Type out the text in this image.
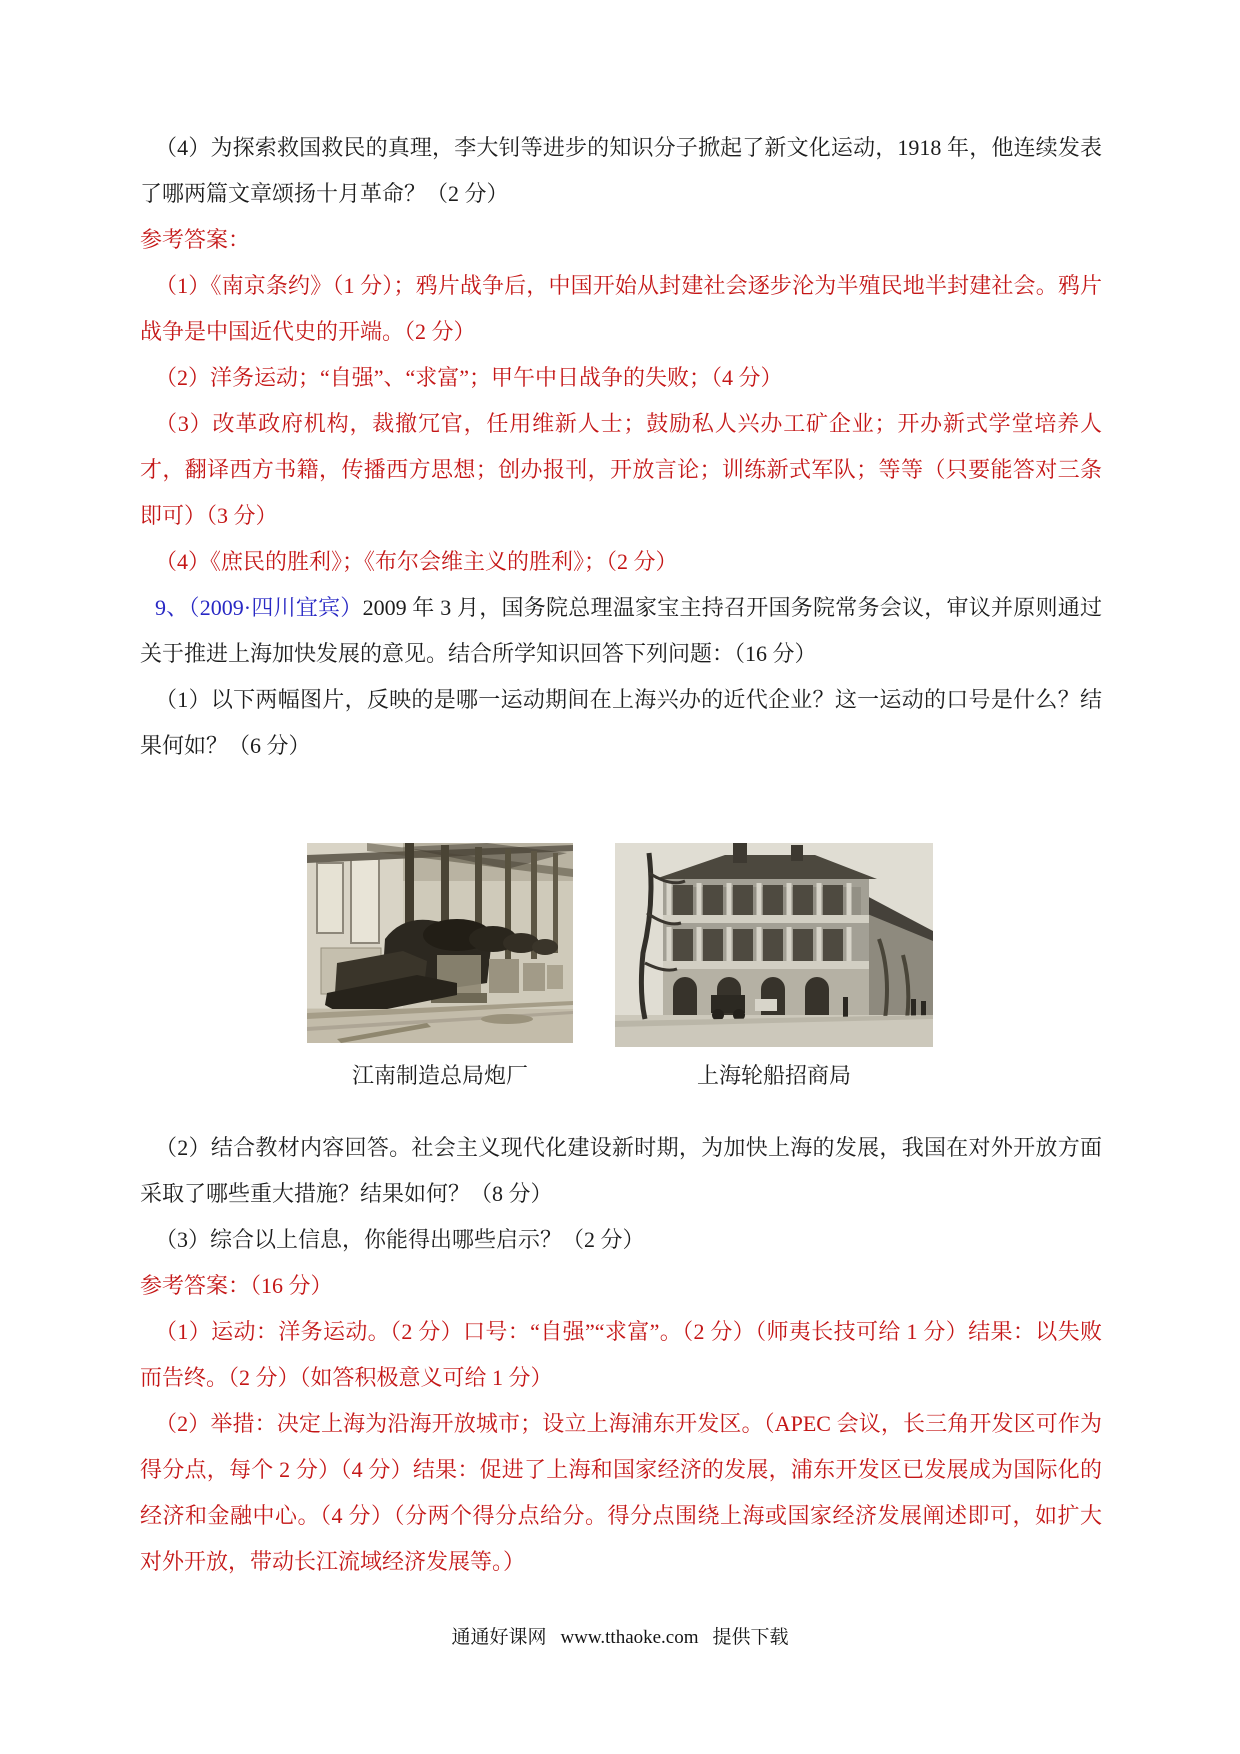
（4）为探索救国救民的真理，李大钊等进步的知识分子掀起了新文化运动，1918 年，他连续发表了哪两篇文章颂扬十月革命？（2 分）

参考答案：

（1）《南京条约》（1 分）；鸦片战争后，中国开始从封建社会逐步沦为半殖民地半封建社会。鸦片战争是中国近代史的开端。（2 分）

（2）洋务运动；“自强”、“求富”；甲午中日战争的失败；（4 分）

（3）改革政府机构，裁撤冗官，任用维新人士；鼓励私人兴办工矿企业；开办新式学堂培养人才，翻译西方书籍，传播西方思想；创办报刊，开放言论；训练新式军队；等等（只要能答对三条即可）（3 分）

（4）《庶民的胜利》；《布尔会维主义的胜利》；（2 分）

9、（2009·四川宜宾）2009 年 3 月，国务院总理温家宝主持召开国务院常务会议，审议并原则通过关于推进上海加快发展的意见。结合所学知识回答下列问题：（16 分）

（1）以下两幅图片，反映的是哪一运动期间在上海兴办的近代企业？这一运动的口号是什么？结果何如？（6 分）

江南制造总局炮厂	上海轮船招商局

（2）结合教材内容回答。社会主义现代化建设新时期，为加快上海的发展，我国在对外开放方面采取了哪些重大措施？结果如何？（8 分）

（3）综合以上信息，你能得出哪些启示？（2 分）

参考答案：（16 分）

（1）运动：洋务运动。（2 分）口号：“自强”“求富”。（2 分）（师夷长技可给 1 分）结果：以失败而告终。（2 分）（如答积极意义可给 1 分）

（2）举措：决定上海为沿海开放城市；设立上海浦东开发区。（APEC 会议，长三角开发区可作为得分点，每个 2 分）（4 分）结果：促进了上海和国家经济的发展，浦东开发区已发展成为国际化的经济和金融中心。（4 分）（分两个得分点给分。得分点围绕上海或国家经济发展阐述即可，如扩大对外开放，带动长江流域经济发展等。）

通通好课网 www.tthaoke.com 提供下载
